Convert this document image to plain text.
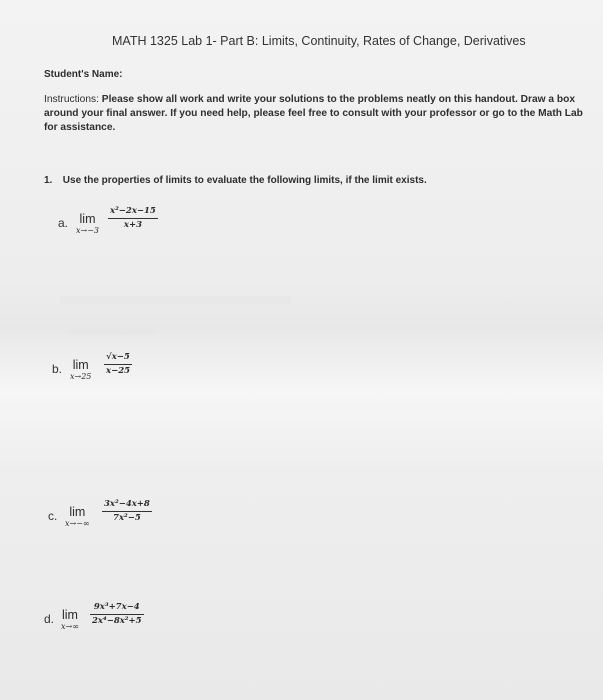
MATH 1325 Lab 1- Part B: Limits, Continuity, Rates of Change, Derivatives
Student's Name:
Instructions: Please show all work and write your solutions to the problems neatly on this handout. Draw a box around your final answer. If you need help, please feel free to consult with your professor or go to the Math Lab for assistance.
1. Use the properties of limits to evaluate the following limits, if the limit exists.
a. lim
x→−3
x²−2x−15
x+3
b. lim
x→25
√x−5
x−25
c. lim
x→−∞
3x²−4x+8
7x²−5
d. lim
x→∞
9x³+7x−4
2x⁴−8x²+5
